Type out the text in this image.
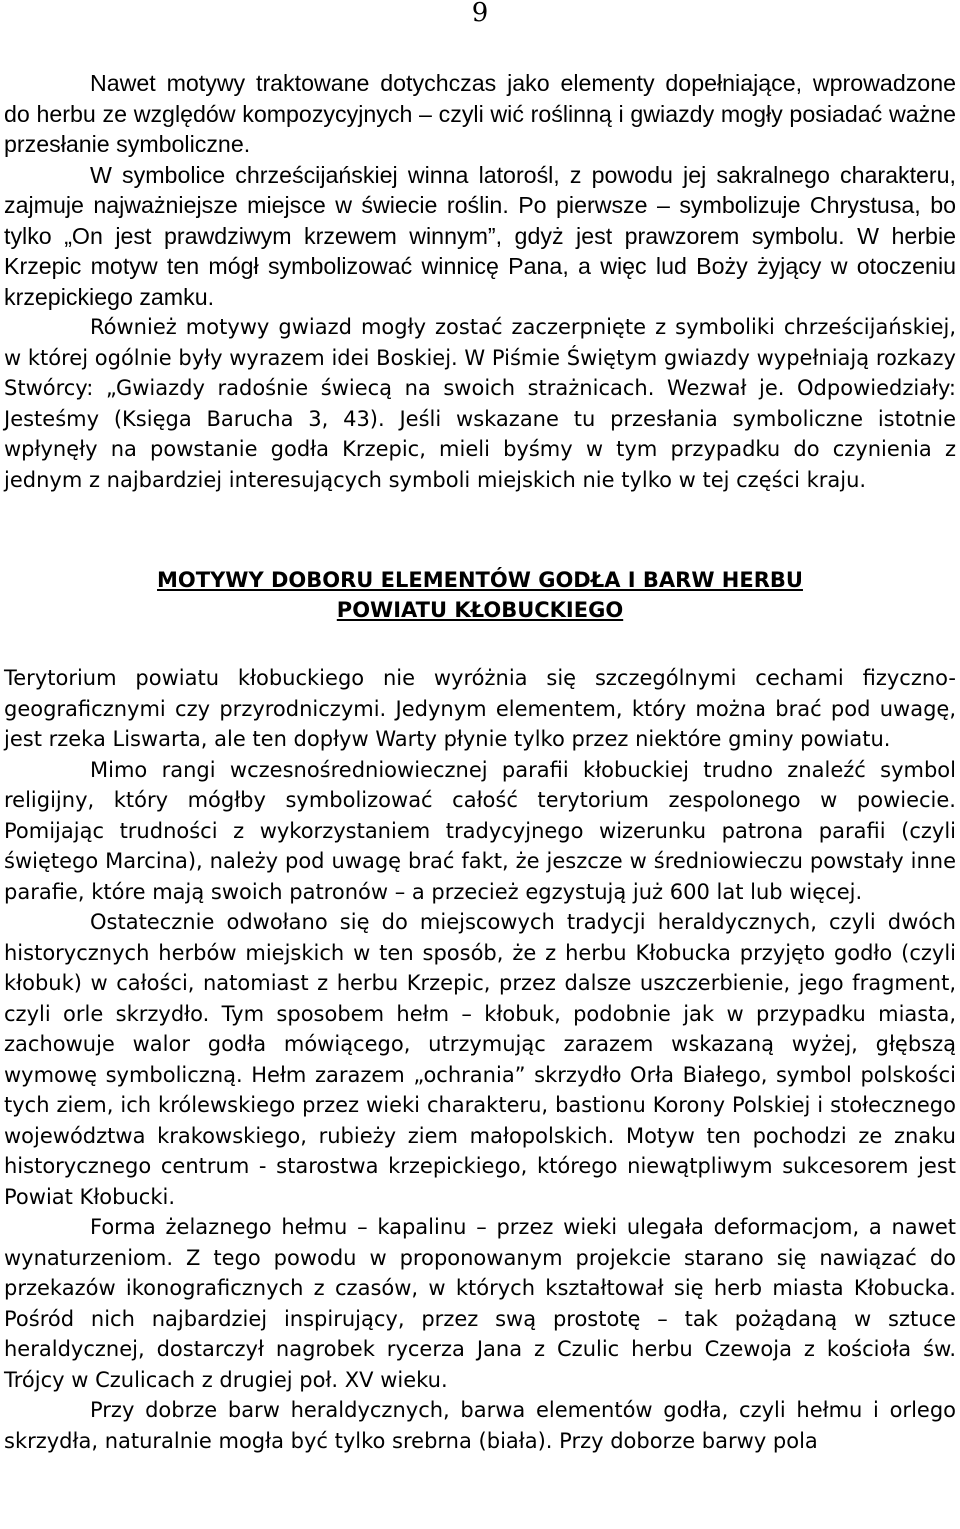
9

Nawet motywy traktowane dotychczas jako elementy dopełniające, wprowadzone do herbu ze względów kompozycyjnych – czyli wić roślinną i gwiazdy mogły posiadać ważne przesłanie symboliczne.

W symbolice chrześcijańskiej winna latorośl, z powodu jej sakralnego charakteru, zajmuje najważniejsze miejsce w świecie roślin. Po pierwsze – symbolizuje Chrystusa, bo tylko „On jest prawdziwym krzewem winnym”, gdyż jest prawzorem symbolu. W herbie Krzepic motyw ten mógł symbolizować winnicę Pana, a więc lud Boży żyjący w otoczeniu krzepickiego zamku.

Również motywy gwiazd mogły zostać zaczerpnięte z symboliki chrześcijańskiej, w której ogólnie były wyrazem idei Boskiej. W Piśmie Świętym gwiazdy wypełniają rozkazy Stwórcy: „Gwiazdy radośnie świecą na swoich strażnicach. Wezwał je. Odpowiedziały: Jesteśmy (Księga Barucha 3, 43). Jeśli wskazane tu przesłania symboliczne istotnie wpłynęły na powstanie godła Krzepic, mieli byśmy w tym przypadku do czynienia z jednym z najbardziej interesujących symboli miejskich nie tylko w tej części kraju.

MOTYWY DOBORU ELEMENTÓW GODŁA I BARW HERBU
POWIATU KŁOBUCKIEGO

Terytorium powiatu kłobuckiego nie wyróżnia się szczególnymi cechami fizyczno-geograficznymi czy przyrodniczymi. Jedynym elementem, który można brać pod uwagę, jest rzeka Liswarta, ale ten dopływ Warty płynie tylko przez niektóre gminy powiatu.

Mimo rangi wczesnośredniowiecznej parafii kłobuckiej trudno znaleźć symbol religijny, który mógłby symbolizować całość terytorium zespolonego w powiecie. Pomijając trudności z wykorzystaniem tradycyjnego wizerunku patrona parafii (czyli świętego Marcina), należy pod uwagę brać fakt, że jeszcze w średniowieczu powstały inne parafie, które mają swoich patronów – a przecież egzystują już 600 lat lub więcej.

Ostatecznie odwołano się do miejscowych tradycji heraldycznych, czyli dwóch historycznych herbów miejskich w ten sposób, że z herbu Kłobucka przyjęto godło (czyli kłobuk) w całości, natomiast z herbu Krzepic, przez dalsze uszczerbienie, jego fragment, czyli orle skrzydło. Tym sposobem hełm – kłobuk, podobnie jak w przypadku miasta, zachowuje walor godła mówiącego, utrzymując zarazem wskazaną wyżej, głębszą wymowę symboliczną. Hełm zarazem „ochrania” skrzydło Orła Białego, symbol polskości tych ziem, ich królewskiego przez wieki charakteru, bastionu Korony Polskiej i stołecznego województwa krakowskiego, rubieży ziem małopolskich. Motyw ten pochodzi ze znaku historycznego centrum - starostwa krzepickiego, którego niewątpliwym sukcesorem jest Powiat Kłobucki.

Forma żelaznego hełmu – kapalinu – przez wieki ulegała deformacjom, a nawet wynaturzeniom. Z tego powodu w proponowanym projekcie starano się nawiązać do przekazów ikonograficznych z czasów, w których kształtował się herb miasta Kłobucka. Pośród nich najbardziej inspirujący, przez swą prostotę – tak pożądaną w sztuce heraldycznej, dostarczył nagrobek rycerza Jana z Czulic herbu Czewoja z kościoła św. Trójcy w Czulicach z drugiej poł. XV wieku.

Przy dobrze barw heraldycznych, barwa elementów godła, czyli hełmu i orlego skrzydła, naturalnie mogła być tylko srebrna (biała). Przy doborze barwy pola
